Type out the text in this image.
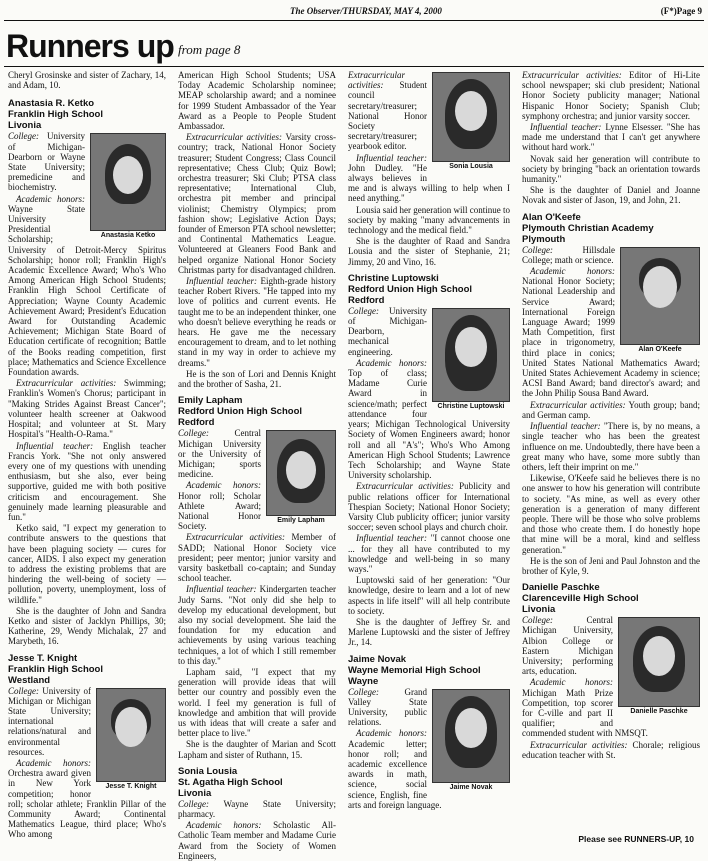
The Observer/THURSDAY, MAY 4, 2000	(F*)Page 9
Runners up from page 8

Cheryl Grosinske and sister of Zachary, 14, and Adam, 10.

Anastasia R. Ketko
Franklin High School
Livonia
Anastasia Ketko

College: University of Michigan-Dearborn or Wayne State University; premedicine and biochemistry.

Academic honors: Wayne State University Presidential Scholarship; University of Detroit-Mercy Spiritus Scholarship; honor roll; Franklin High's Academic Excellence Award; Who's Who Among American High School Students; Franklin High School Certificate of Appreciation; Wayne County Academic Achievement Award; President's Education Award for Outstanding Academic Achievement; Michigan State Board of Education certificate of recognition; Battle of the Books reading competition, first place; Mathematics and Science Excellence Foundation awards.

Extracurricular activities: Swimming; Franklin's Women's Chorus; participant in "Making Strides Against Breast Cancer"; volunteer health screener at Oakwood Hospital; and volunteer at St. Mary Hospital's "Health-O-Rama."

Influential teacher: English teacher Francis York. "She not only answered every one of my questions with unending enthusiasm, but she also, ever being supportive, guided me with both positive criticism and encouragement. She genuinely made learning pleasurable and fun."

Ketko said, "I expect my generation to contribute answers to the questions that have been plaguing society — cures for cancer, AIDS. I also expect my generation to address the existing problems that are hindering the well-being of society — pollution, poverty, unemployment, loss of wildlife."

She is the daughter of John and Sandra Ketko and sister of Jacklyn Phillips, 30; Katherine, 29, Wendy Michalak, 27 and Marybeth, 16.

Jesse T. Knight
Franklin High School
Westland
Jesse T. Knight

College: University of Michigan or Michigan State University; international relations/natural and environmental resources.

Academic honors: Orchestra award given in New York competition; honor roll; scholar athlete; Franklin Pillar of the Community Award; Continental Mathematics League, third place; Who's Who among

American High School Students; USA Today Academic Scholarship nominee; MEAP scholarship award; and a nominee for 1999 Student Ambassador of the Year Award as a People to People Student Ambassador.

Extracurricular activities: Varsity cross-country; track, National Honor Society treasurer; Student Congress; Class Council representative; Chess Club; Quiz Bowl; orchestra treasurer; Ski Club; PTSA class representative; International Club, orchestra pit member and principal violinist; Chemistry Olympics; prom fashion show; Legislative Action Days; founder of Emerson PTA school newsletter; and Continental Mathematics League. Volunteered at Gleaners Food Bank and helped organize National Honor Society Christmas party for disadvantaged children.

Influential teacher: Eighth-grade history teacher Robert Rivers. "He tapped into my love of politics and current events. He taught me to be an independent thinker, one who doesn't believe everything he reads or hears. He gave me the necessary encouragement to dream, and to let nothing stand in my way in order to achieve my dreams."

He is the son of Lori and Dennis Knight and the brother of Sasha, 21.

Emily Lapham
Redford Union High School
Redford
Emily Lapham

College: Central Michigan University or the University of Michigan; sports medicine.

Academic honors: Honor roll; Scholar Athlete Award; National Honor Society.

Extracurricular activities: Member of SADD; National Honor Society vice president; peer mentor; junior varsity and varsity basketball co-captain; and Sunday school teacher.

Influential teacher: Kindergarten teacher Judy Sarns. "Not only did she help to develop my educational development, but also my social development. She laid the foundation for my education and achievements by using various teaching techniques, a lot of which I still remember to this day."

Lapham said, "I expect that my generation will provide ideas that will better our country and possibly even the world. I feel my generation is full of knowledge and ambition that will provide us with ideas that will create a safer and better place to live."

She is the daughter of Marian and Scott Lapham and sister of Ruthann, 15.

Sonia Lousia
St. Agatha High School
Livonia

College: Wayne State University; pharmacy.

Academic honors: Scholastic All-Catholic Team member and Madame Curie Award from the Society of Women Engineers,

Sonia Lousia

Extracurricular activities: Student council secretary/treasurer; National Honor Society secretary/treasurer; yearbook editor.

Influential teacher: John Dudley. "He always believes in me and is always willing to help when I need anything."

Lousia said her generation will continue to society by making "many advancements in technology and the medical field."

She is the daughter of Raad and Sandra Lousia and the sister of Stephanie, 21; Jimmy, 20 and Vino, 16.

Christine Luptowski
Redford Union High School
Redford
Christine Luptowski

College: University of Michigan-Dearborn, mechanical engineering.

Academic honors: Top of class; Madame Curie Award in science/math; perfect attendance four years; Michigan Technological University Society of Women Engineers award; honor roll and all "A's"; Who's Who Among American High School Students; Lawrence Tech Scholarship; and Wayne State University scholarship.

Extracurricular activities: Publicity and public relations officer for International Thespian Society; National Honor Society; Varsity Club publicity officer; junior varsity soccer; seven school plays and church choir.

Influential teacher: "I cannot choose one ... for they all have contributed to my knowledge and well-being in so many ways."

Luptowski said of her generation: "Our knowledge, desire to learn and a lot of new aspects in life itself" will all help contribute to society.

She is the daughter of Jeffrey Sr. and Marlene Luptowski and the sister of Jeffrey Jr., 14.

Jaime Novak
Wayne Memorial High School
Wayne
Jaime Novak

College: Grand Valley State University, public relations.

Academic honors: Academic letter; honor roll; and academic excellence awards in math, science, social science, English, fine arts and foreign language.

Extracurricular activities: Editor of Hi-Lite school newspaper; ski club president; National Honor Society publicity manager; National Hispanic Honor Society; Spanish Club; symphony orchestra; and junior varsity soccer.

Influential teacher: Lynne Elsesser. "She has made me understand that I can't get anywhere without hard work."

Novak said her generation will contribute to society by bringing "back an orientation towards humanity."

She is the daughter of Daniel and Joanne Novak and sister of Jason, 19, and John, 21.

Alan O'Keefe
Plymouth Christian Academy
Plymouth
Alan O'Keefe

College: Hillsdale College; math or science.

Academic honors: National Honor Society; National Leadership and Service Award; International Foreign Language Award; 1999 Math Competition, first place in trigonometry, third place in conics; United States National Mathematics Award; United States Achievement Academy in science; ACSI Band Award; band director's award; and the John Philip Sousa Band Award.

Extracurricular activities: Youth group; band; and German camp.

Influential teacher: "There is, by no means, a single teacher who has been the greatest influence on me. Undoubtedly, there have been a great many who have, some more subtly than others, left their imprint on me."

Likewise, O'Keefe said he believes there is no one answer to how his generation will contribute to society. "As mine, as well as every other generation is a generation of many different people. There will be those who solve problems and those who create them. I do honestly hope that mine will be a moral, kind and selfless generation."

He is the son of Jeni and Paul Johnston and the brother of Kyle, 9.

Danielle Paschke
Clarenceville High School
Livonia
Danielle Paschke

College: Central Michigan University, Albion College or Eastern Michigan University; performing arts, education.

Academic honors: Michigan Math Prize Competition, top scorer for C-ville and part II qualifier; and commended student with NMSQT.

Extracurricular activities: Chorale; religious education teacher with St.

Please see RUNNERS-UP, 10
